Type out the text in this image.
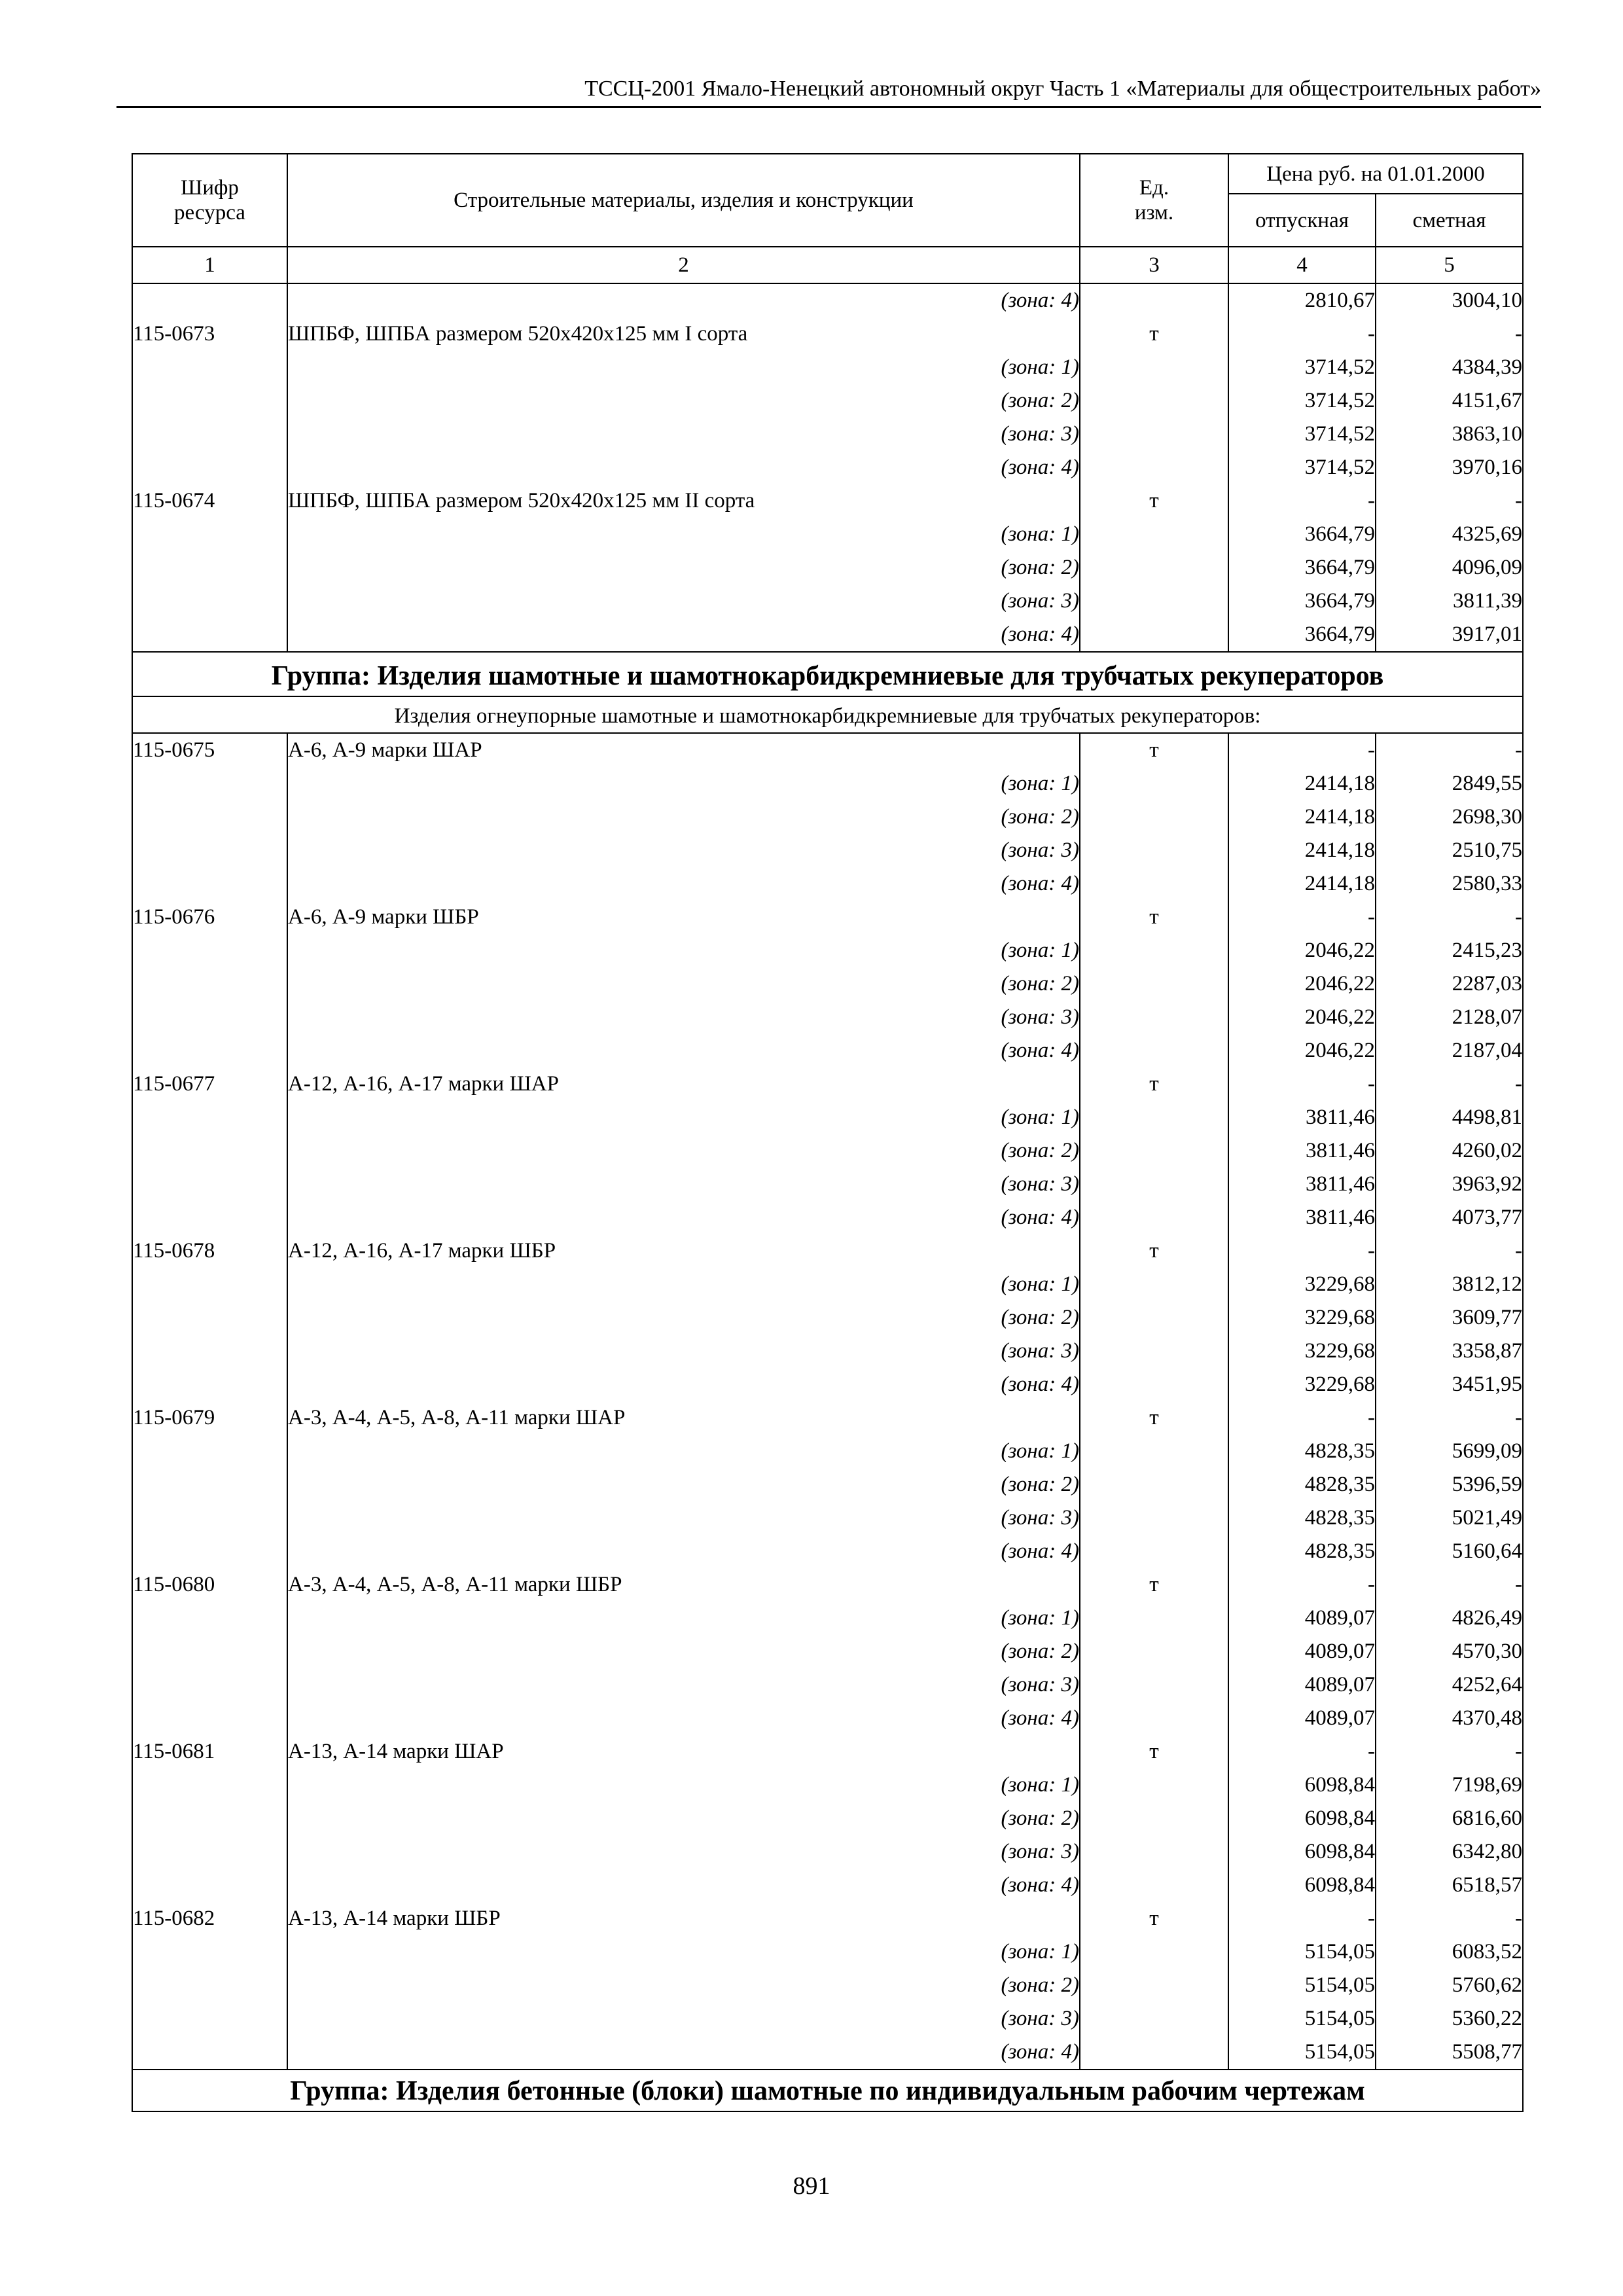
ТССЦ-2001 Ямало-Ненецкий автономный округ Часть 1 «Материалы для общестроительных работ»
Шифр
ресурса	Строительные материалы, изделия и конструкции	Ед.
изм.	Цена руб. на 01.01.2000	
			отпускная	сметная
1	2	3	4	5
	(зона: 4)		2810,67	3004,10
115-0673	ШПБФ, ШПБА размером 520x420x125 мм I сорта	т	-	-
	(зона: 1)		3714,52	4384,39
	(зона: 2)		3714,52	4151,67
	(зона: 3)		3714,52	3863,10
	(зона: 4)		3714,52	3970,16
115-0674	ШПБФ, ШПБА размером 520x420x125 мм II сорта	т	-	-
	(зона: 1)		3664,79	4325,69
	(зона: 2)		3664,79	4096,09
	(зона: 3)		3664,79	3811,39
	(зона: 4)		3664,79	3917,01
Группа: Изделия шамотные и шамотнокарбидкремниевые для трубчатых рекуператоров				
Изделия огнеупорные шамотные и шамотнокарбидкремниевые для трубчатых рекуператоров:				
115-0675	А-6, А-9 марки ШАР	т	-	-
	(зона: 1)		2414,18	2849,55
	(зона: 2)		2414,18	2698,30
	(зона: 3)		2414,18	2510,75
	(зона: 4)		2414,18	2580,33
115-0676	А-6, А-9 марки ШБР	т	-	-
	(зона: 1)		2046,22	2415,23
	(зона: 2)		2046,22	2287,03
	(зона: 3)		2046,22	2128,07
	(зона: 4)		2046,22	2187,04
115-0677	А-12, А-16, А-17 марки ШАР	т	-	-
	(зона: 1)		3811,46	4498,81
	(зона: 2)		3811,46	4260,02
	(зона: 3)		3811,46	3963,92
	(зона: 4)		3811,46	4073,77
115-0678	А-12, А-16, А-17 марки ШБР	т	-	-
	(зона: 1)		3229,68	3812,12
	(зона: 2)		3229,68	3609,77
	(зона: 3)		3229,68	3358,87
	(зона: 4)		3229,68	3451,95
115-0679	А-3, А-4, А-5, А-8, А-11 марки ШАР	т	-	-
	(зона: 1)		4828,35	5699,09
	(зона: 2)		4828,35	5396,59
	(зона: 3)		4828,35	5021,49
	(зона: 4)		4828,35	5160,64
115-0680	А-3, А-4, А-5, А-8, А-11 марки ШБР	т	-	-
	(зона: 1)		4089,07	4826,49
	(зона: 2)		4089,07	4570,30
	(зона: 3)		4089,07	4252,64
	(зона: 4)		4089,07	4370,48
115-0681	А-13, А-14 марки ШАР	т	-	-
	(зона: 1)		6098,84	7198,69
	(зона: 2)		6098,84	6816,60
	(зона: 3)		6098,84	6342,80
	(зона: 4)		6098,84	6518,57
115-0682	А-13, А-14 марки ШБР	т	-	-
	(зона: 1)		5154,05	6083,52
	(зона: 2)		5154,05	5760,62
	(зона: 3)		5154,05	5360,22
	(зона: 4)		5154,05	5508,77
Группа: Изделия бетонные (блоки) шамотные по индивидуальным рабочим чертежам				
891
